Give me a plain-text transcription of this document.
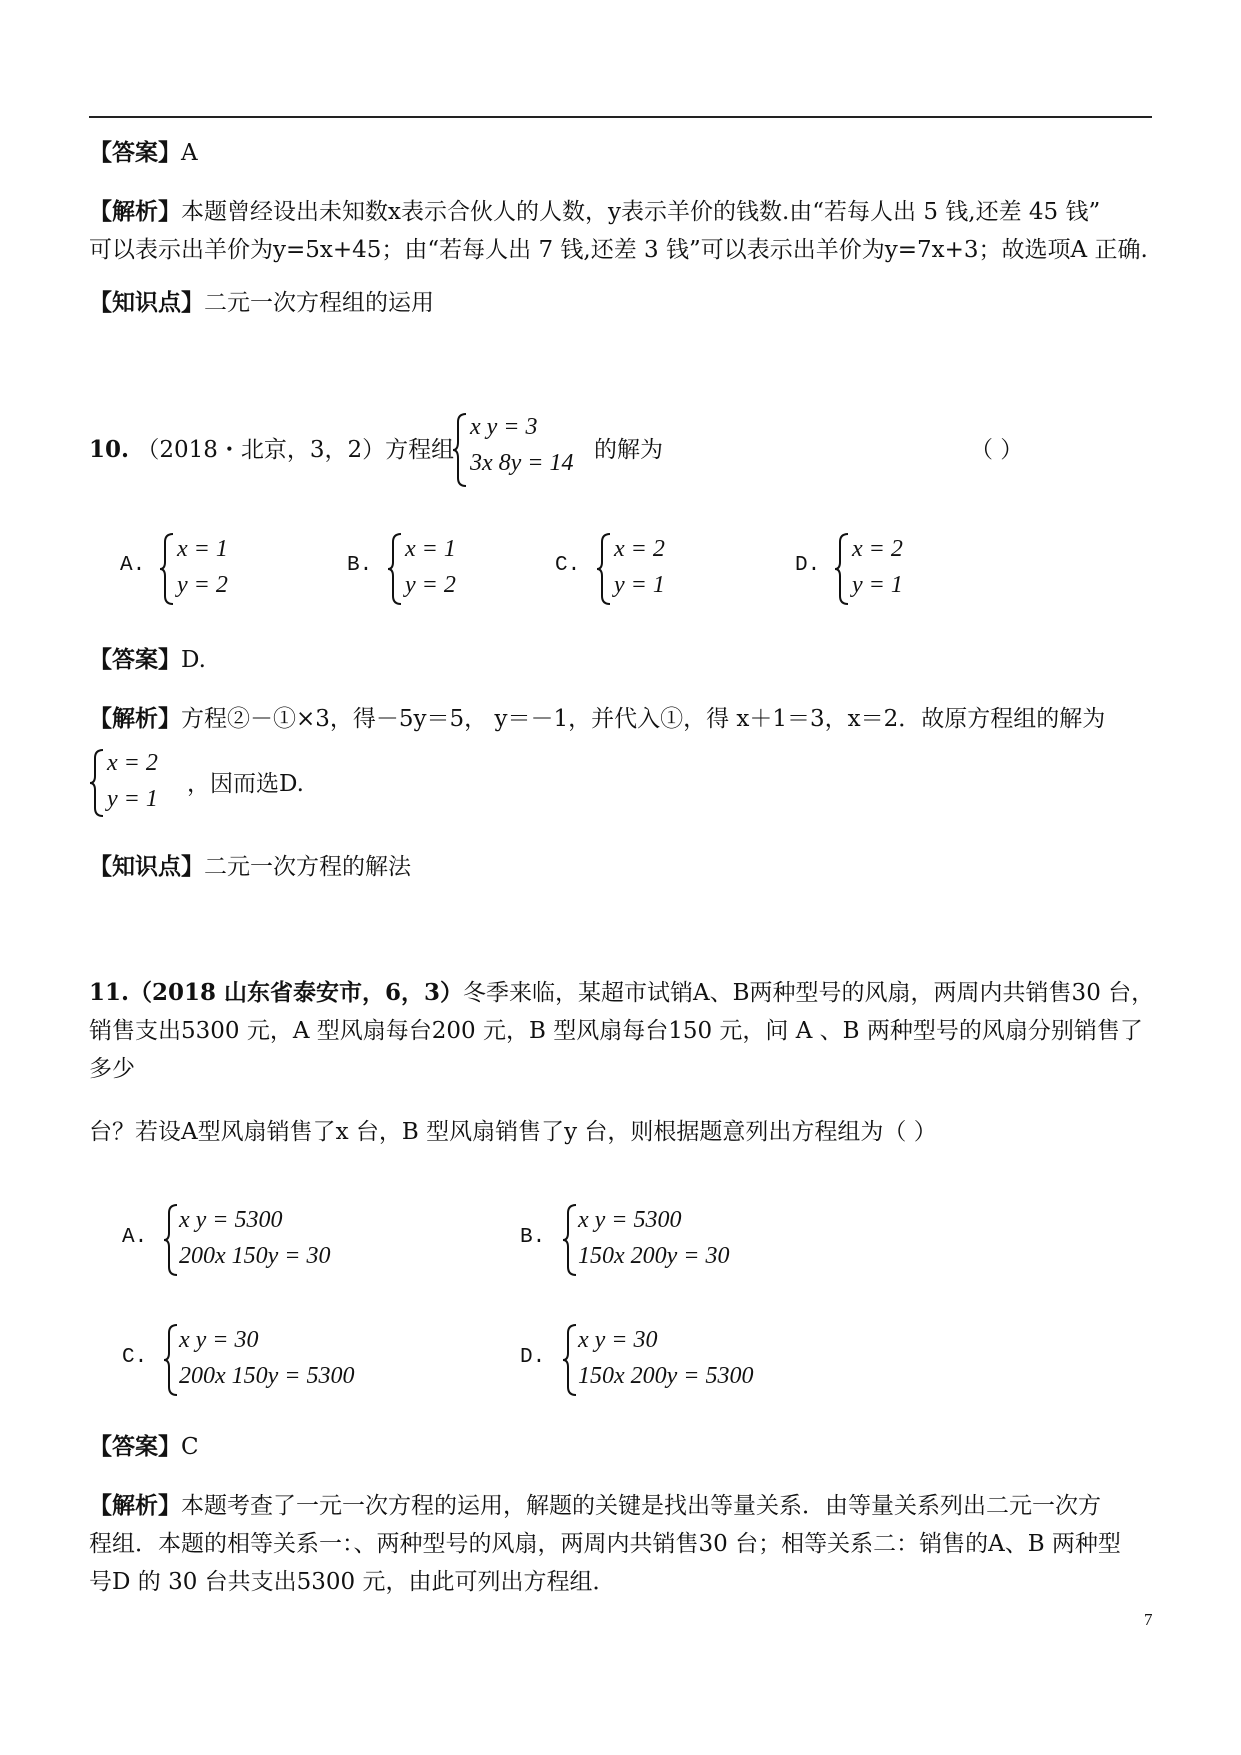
【答案】A
【解析】本题曾经设出未知数x表示合伙人的人数，y表示羊价的钱数.由“若每人出 5 钱,还差 45 钱”
可以表示出羊价为y=5x+45；由“若每人出 7 钱,还差 3 钱”可以表示出羊价为y=7x+3；故选项A 正确.
【知识点】二元一次方程组的运用
10. （2018・北京，3，2）方程组
x y = 3
3x 8y = 14 的解为	（ ）
A.
x = 1
y = 2
B.
x = 1
y = 2
C.
x = 2
y = 1
D.
x = 2
y = 1
【答案】D.
【解析】方程②－①×3，得－5y＝5， y＝－1，并代入①，得 x＋1＝3，x＝2．故原方程组的解为
x = 2
y = 1
，因而选D.
【知识点】二元一次方程的解法
11.（2018 山东省泰安市，6，3）冬季来临，某超市试销A、B两种型号的风扇，两周内共销售30 台，
销售支出5300 元，A 型风扇每台200 元，B 型风扇每台150 元，问 A 、B 两种型号的风扇分别销售了
多少
台？若设A型风扇销售了x 台，B 型风扇销售了y 台，则根据题意列出方程组为（ ）
A.
x y = 5300
200x 150y = 30
B.
x y = 5300
150x 200y = 30
C.
x y = 30
200x 150y = 5300
D.
x y = 30
150x 200y = 5300
【答案】C
【解析】本题考查了一元一次方程的运用，解题的关键是找出等量关系．由等量关系列出二元一次方
程组．本题的相等关系一：、两种型号的风扇，两周内共销售30 台；相等关系二：销售的A、B 两种型
号D 的 30 台共支出5300 元，由此可列出方程组．
7
